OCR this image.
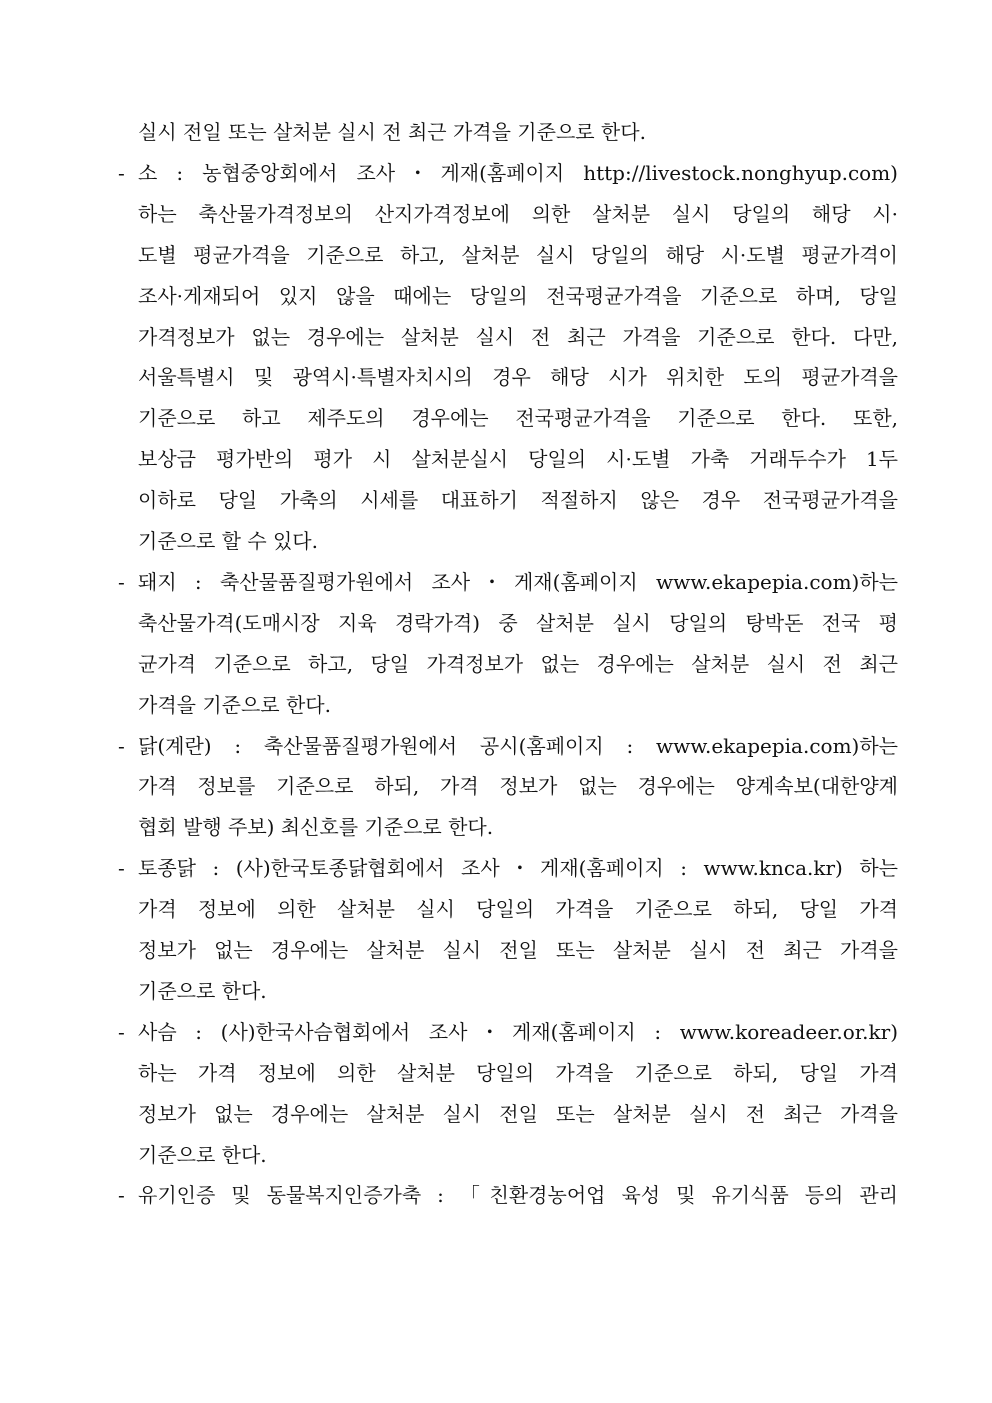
실시 전일 또는 살처분 실시 전 최근 가격을 기준으로 한다.
- 소 : 농협중앙회에서 조사・게재(홈페이지 http://livestock.nonghyup.com)
하는 축산물가격정보의 산지가격정보에 의한 살처분 실시 당일의 해당 시·
도별 평균가격을 기준으로 하고, 살처분 실시 당일의 해당 시·도별 평균가격이
조사·게재되어 있지 않을 때에는 당일의 전국평균가격을 기준으로 하며, 당일
가격정보가 없는 경우에는 살처분 실시 전 최근 가격을 기준으로 한다. 다만,
서울특별시 및 광역시·특별자치시의 경우 해당 시가 위치한 도의 평균가격을
기준으로 하고 제주도의 경우에는 전국평균가격을 기준으로 한다. 또한,
보상금 평가반의 평가 시 살처분실시 당일의 시·도별 가축 거래두수가 1두
이하로 당일 가축의 시세를 대표하기 적절하지 않은 경우 전국평균가격을
기준으로 할 수 있다.
- 돼지 : 축산물품질평가원에서 조사・게재(홈페이지 www.ekapepia.com)하는
축산물가격(도매시장 지육 경락가격) 중 살처분 실시 당일의 탕박돈 전국 평
균가격 기준으로 하고, 당일 가격정보가 없는 경우에는 살처분 실시 전 최근
가격을 기준으로 한다.
- 닭(계란) : 축산물품질평가원에서 공시(홈페이지 : www.ekapepia.com)하는
가격 정보를 기준으로 하되, 가격 정보가 없는 경우에는 양계속보(대한양계
협회 발행 주보) 최신호를 기준으로 한다.
- 토종닭 : (사)한국토종닭협회에서 조사・게재(홈페이지 : www.knca.kr) 하는
가격 정보에 의한 살처분 실시 당일의 가격을 기준으로 하되, 당일 가격
정보가 없는 경우에는 살처분 실시 전일 또는 살처분 실시 전 최근 가격을
기준으로 한다.
- 사슴 : (사)한국사슴협회에서 조사・게재(홈페이지 : www.koreadeer.or.kr)
하는 가격 정보에 의한 살처분 당일의 가격을 기준으로 하되, 당일 가격
정보가 없는 경우에는 살처분 실시 전일 또는 살처분 실시 전 최근 가격을
기준으로 한다.
- 유기인증 및 동물복지인증가축 : 「친환경농어업 육성 및 유기식품 등의 관리
